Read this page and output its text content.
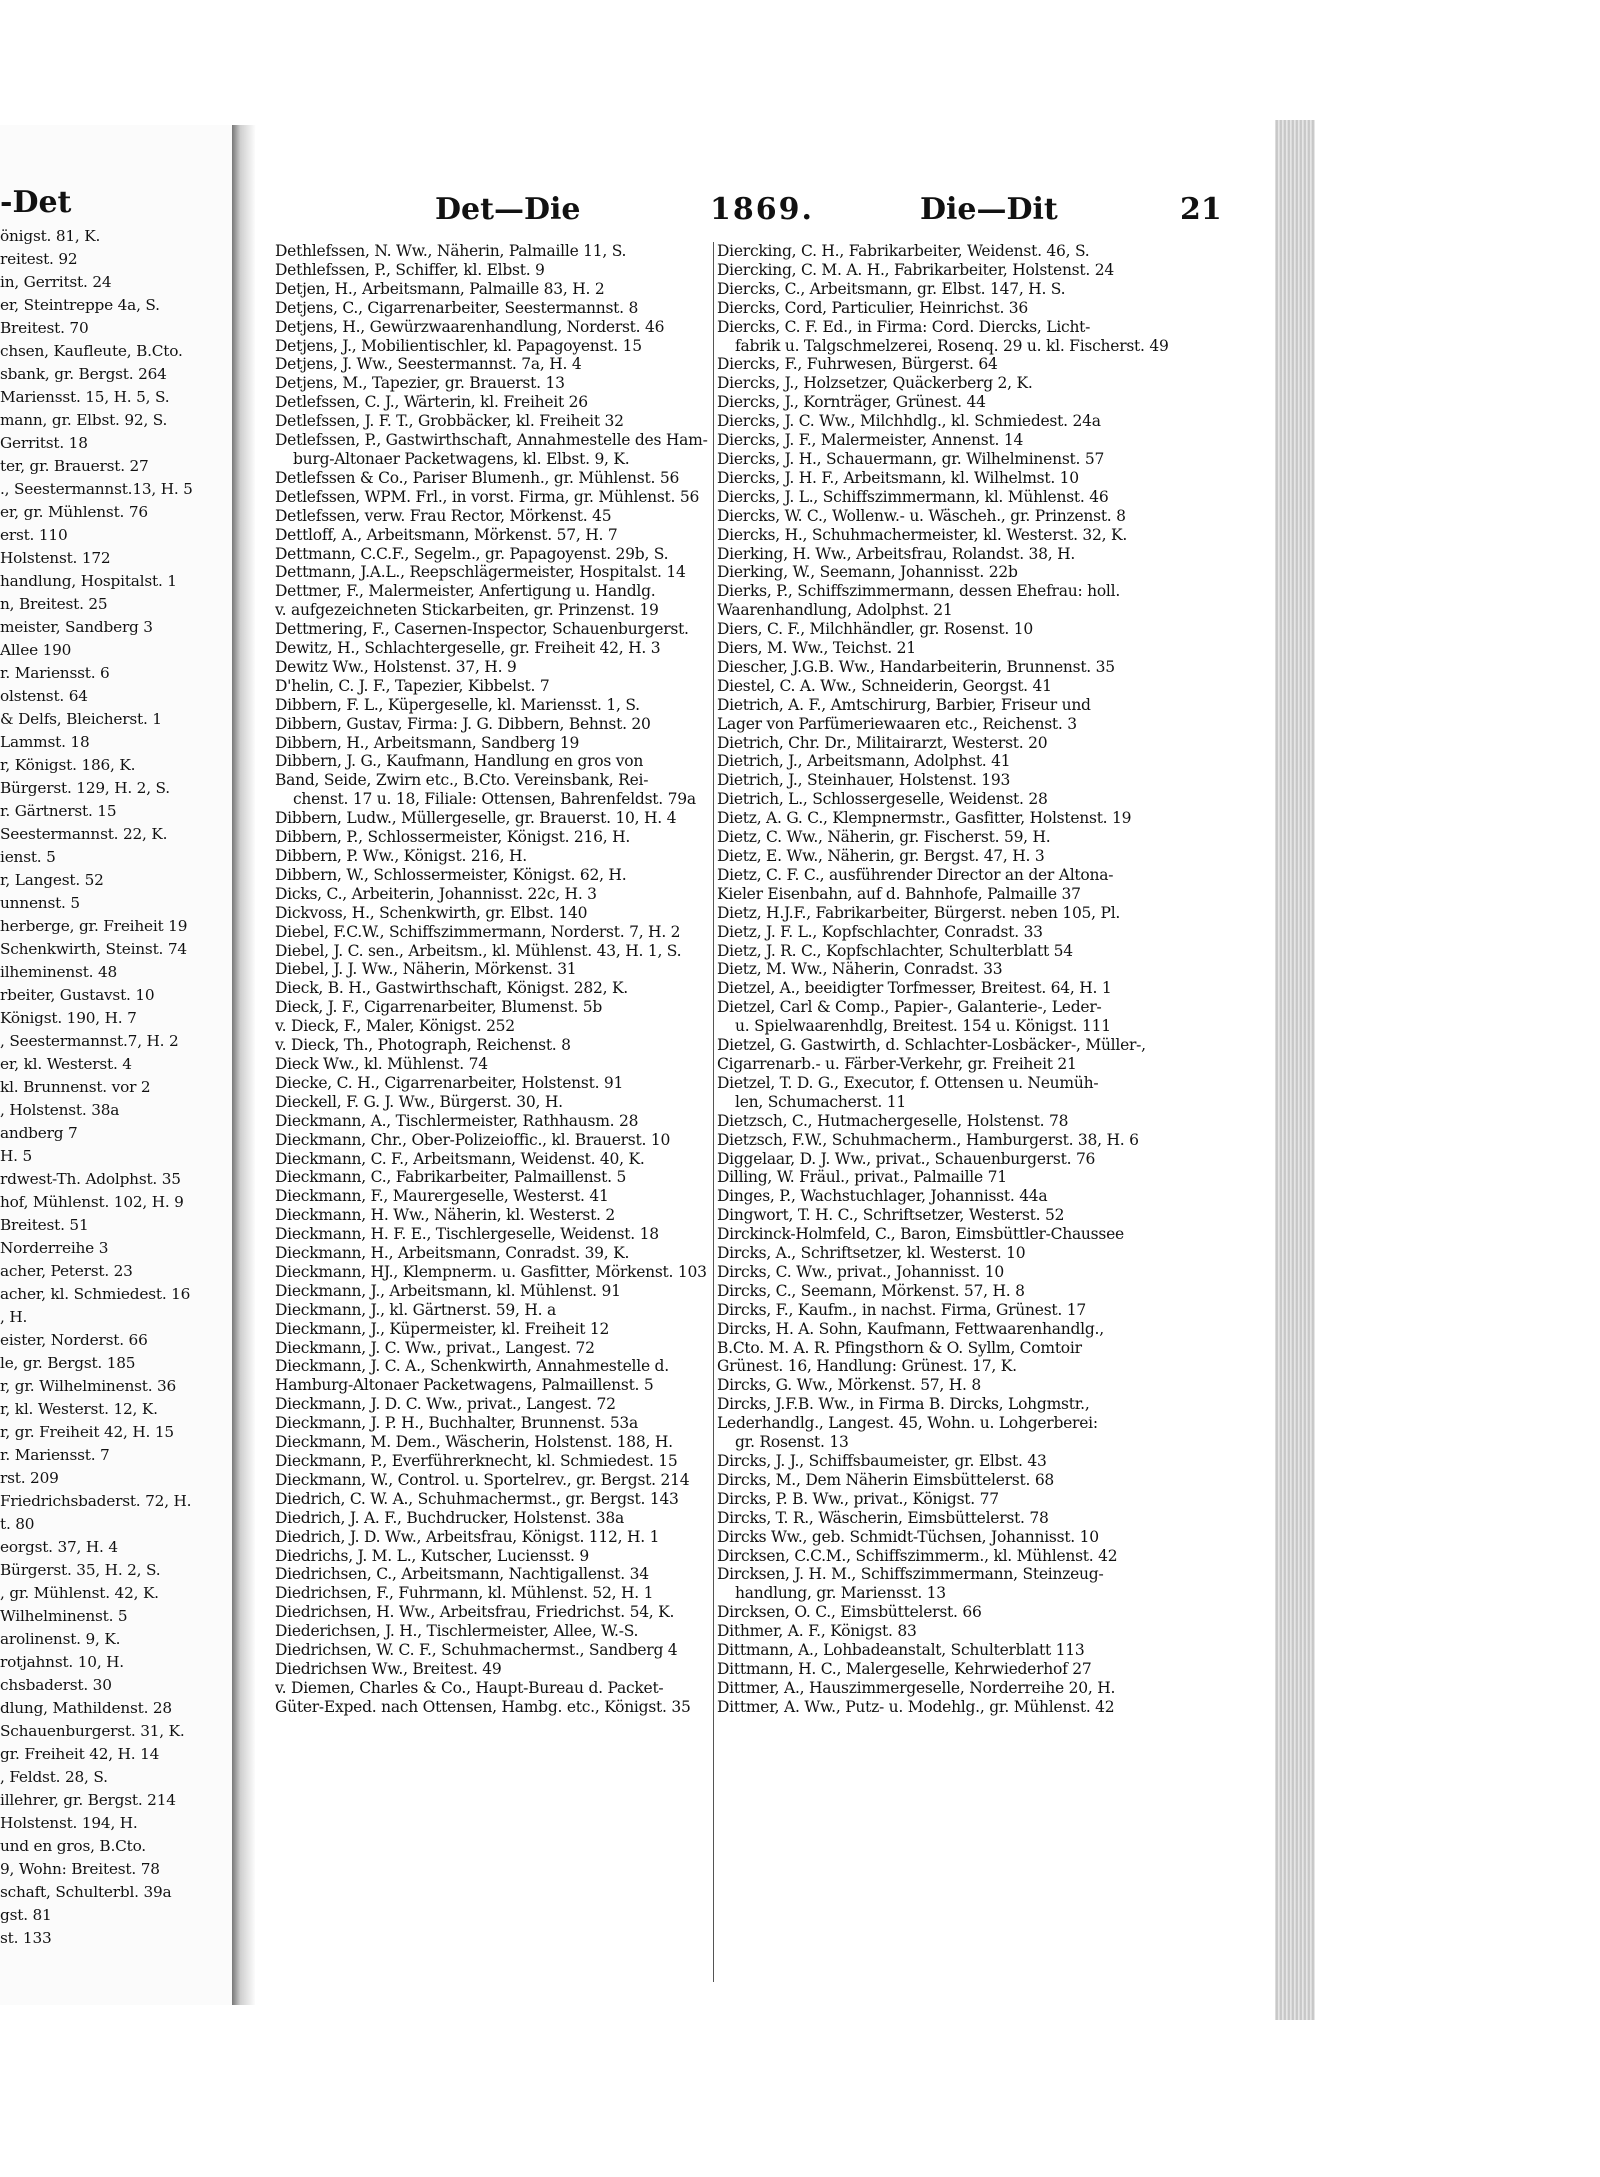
-Det
önigst. 81, K.
reitest. 92
in, Gerritst. 24
er, Steintreppe 4a, S.
Breitest. 70
chsen, Kaufleute, B.Cto.
sbank, gr. Bergst. 264
Mariensst. 15, H. 5, S.
mann, gr. Elbst. 92, S.
Gerritst. 18
ter, gr. Brauerst. 27
., Seestermannst.13, H. 5
er, gr. Mühlenst. 76
erst. 110
Holstenst. 172
handlung, Hospitalst. 1
n, Breitest. 25
meister, Sandberg 3
Allee 190
r. Mariensst. 6
olstenst. 64
& Delfs, Bleicherst. 1
Lammst. 18
r, Königst. 186, K.
Bürgerst. 129, H. 2, S.
r. Gärtnerst. 15
Seestermannst. 22, K.
ienst. 5
r, Langest. 52
unnenst. 5
herberge, gr. Freiheit 19
Schenkwirth, Steinst. 74
ilheminenst. 48
rbeiter, Gustavst. 10
Königst. 190, H. 7
, Seestermannst.7, H. 2
er, kl. Westerst. 4
kl. Brunnenst. vor 2
, Holstenst. 38a
andberg 7
H. 5
rdwest-Th. Adolphst. 35
hof, Mühlenst. 102, H. 9
Breitest. 51
Norderreihe 3
acher, Peterst. 23
acher, kl. Schmiedest. 16
, H.
eister, Norderst. 66
le, gr. Bergst. 185
r, gr. Wilhelminenst. 36
r, kl. Westerst. 12, K.
r, gr. Freiheit 42, H. 15
r. Mariensst. 7
rst. 209
Friedrichsbaderst. 72, H.
t. 80
eorgst. 37, H. 4
Bürgerst. 35, H. 2, S.
, gr. Mühlenst. 42, K.
Wilhelminenst. 5
arolinenst. 9, K.
rotjahnst. 10, H.
chsbaderst. 30
dlung, Mathildenst. 28
Schauenburgerst. 31, K.
gr. Freiheit 42, H. 14
, Feldst. 28, S.
illehrer, gr. Bergst. 214
Holstenst. 194, H.
und en gros, B.Cto.
9, Wohn: Breitest. 78
schaft, Schulterbl. 39a
gst. 81
st. 133
Det—Die	1869.	Die—Dit	21
Dethlefssen, N. Ww., Näherin, Palmaille 11, S.
Dethlefssen, P., Schiffer, kl. Elbst. 9
Detjen, H., Arbeitsmann, Palmaille 83, H. 2
Detjens, C., Cigarrenarbeiter, Seestermannst. 8
Detjens, H., Gewürzwaarenhandlung, Norderst. 46
Detjens, J., Mobilientischler, kl. Papagoyenst. 15
Detjens, J. Ww., Seestermannst. 7a, H. 4
Detjens, M., Tapezier, gr. Brauerst. 13
Detlefssen, C. J., Wärterin, kl. Freiheit 26
Detlefssen, J. F. T., Grobbäcker, kl. Freiheit 32
Detlefssen, P., Gastwirthschaft, Annahmestelle des Ham-
burg-Altonaer Packetwagens, kl. Elbst. 9, K.
Detlefssen & Co., Pariser Blumenh., gr. Mühlenst. 56
Detlefssen, WPM. Frl., in vorst. Firma, gr. Mühlenst. 56
Detlefssen, verw. Frau Rector, Mörkenst. 45
Dettloff, A., Arbeitsmann, Mörkenst. 57, H. 7
Dettmann, C.C.F., Segelm., gr. Papagoyenst. 29b, S.
Dettmann, J.A.L., Reepschlägermeister, Hospitalst. 14
Dettmer, F., Malermeister, Anfertigung u. Handlg.
v. aufgezeichneten Stickarbeiten, gr. Prinzenst. 19
Dettmering, F., Casernen-Inspector, Schauenburgerst.
Dewitz, H., Schlachtergeselle, gr. Freiheit 42, H. 3
Dewitz Ww., Holstenst. 37, H. 9
D'helin, C. J. F., Tapezier, Kibbelst. 7
Dibbern, F. L., Küpergeselle, kl. Mariensst. 1, S.
Dibbern, Gustav, Firma: J. G. Dibbern, Behnst. 20
Dibbern, H., Arbeitsmann, Sandberg 19
Dibbern, J. G., Kaufmann, Handlung en gros von
Band, Seide, Zwirn etc., B.Cto. Vereinsbank, Rei-
chenst. 17 u. 18, Filiale: Ottensen, Bahrenfeldst. 79a
Dibbern, Ludw., Müllergeselle, gr. Brauerst. 10, H. 4
Dibbern, P., Schlossermeister, Königst. 216, H.
Dibbern, P. Ww., Königst. 216, H.
Dibbern, W., Schlossermeister, Königst. 62, H.
Dicks, C., Arbeiterin, Johannisst. 22c, H. 3
Dickvoss, H., Schenkwirth, gr. Elbst. 140
Diebel, F.C.W., Schiffszimmermann, Norderst. 7, H. 2
Diebel, J. C. sen., Arbeitsm., kl. Mühlenst. 43, H. 1, S.
Diebel, J. J. Ww., Näherin, Mörkenst. 31
Dieck, B. H., Gastwirthschaft, Königst. 282, K.
Dieck, J. F., Cigarrenarbeiter, Blumenst. 5b
v. Dieck, F., Maler, Königst. 252
v. Dieck, Th., Photograph, Reichenst. 8
Dieck Ww., kl. Mühlenst. 74
Diecke, C. H., Cigarrenarbeiter, Holstenst. 91
Dieckell, F. G. J. Ww., Bürgerst. 30, H.
Dieckmann, A., Tischlermeister, Rathhausm. 28
Dieckmann, Chr., Ober-Polizeioffic., kl. Brauerst. 10
Dieckmann, C. F., Arbeitsmann, Weidenst. 40, K.
Dieckmann, C., Fabrikarbeiter, Palmaillenst. 5
Dieckmann, F., Maurergeselle, Westerst. 41
Dieckmann, H. Ww., Näherin, kl. Westerst. 2
Dieckmann, H. F. E., Tischlergeselle, Weidenst. 18
Dieckmann, H., Arbeitsmann, Conradst. 39, K.
Dieckmann, HJ., Klempnerm. u. Gasfitter, Mörkenst. 103
Dieckmann, J., Arbeitsmann, kl. Mühlenst. 91
Dieckmann, J., kl. Gärtnerst. 59, H. a
Dieckmann, J., Küpermeister, kl. Freiheit 12
Dieckmann, J. C. Ww., privat., Langest. 72
Dieckmann, J. C. A., Schenkwirth, Annahmestelle d.
Hamburg-Altonaer Packetwagens, Palmaillenst. 5
Dieckmann, J. D. C. Ww., privat., Langest. 72
Dieckmann, J. P. H., Buchhalter, Brunnenst. 53a
Dieckmann, M. Dem., Wäscherin, Holstenst. 188, H.
Dieckmann, P., Everführerknecht, kl. Schmiedest. 15
Dieckmann, W., Control. u. Sportelrev., gr. Bergst. 214
Diedrich, C. W. A., Schuhmachermst., gr. Bergst. 143
Diedrich, J. A. F., Buchdrucker, Holstenst. 38a
Diedrich, J. D. Ww., Arbeitsfrau, Königst. 112, H. 1
Diedrichs, J. M. L., Kutscher, Luciensst. 9
Diedrichsen, C., Arbeitsmann, Nachtigallenst. 34
Diedrichsen, F., Fuhrmann, kl. Mühlenst. 52, H. 1
Diedrichsen, H. Ww., Arbeitsfrau, Friedrichst. 54, K.
Diederichsen, J. H., Tischlermeister, Allee, W.-S.
Diedrichsen, W. C. F., Schuhmachermst., Sandberg 4
Diedrichsen Ww., Breitest. 49
v. Diemen, Charles & Co., Haupt-Bureau d. Packet-
Güter-Exped. nach Ottensen, Hambg. etc., Königst. 35
Diercking, C. H., Fabrikarbeiter, Weidenst. 46, S.
Diercking, C. M. A. H., Fabrikarbeiter, Holstenst. 24
Diercks, C., Arbeitsmann, gr. Elbst. 147, H. S.
Diercks, Cord, Particulier, Heinrichst. 36
Diercks, C. F. Ed., in Firma: Cord. Diercks, Licht-
fabrik u. Talgschmelzerei, Rosenq. 29 u. kl. Fischerst. 49
Diercks, F., Fuhrwesen, Bürgerst. 64
Diercks, J., Holzsetzer, Quäckerberg 2, K.
Diercks, J., Kornträger, Grünest. 44
Diercks, J. C. Ww., Milchhdlg., kl. Schmiedest. 24a
Diercks, J. F., Malermeister, Annenst. 14
Diercks, J. H., Schauermann, gr. Wilhelminenst. 57
Diercks, J. H. F., Arbeitsmann, kl. Wilhelmst. 10
Diercks, J. L., Schiffszimmermann, kl. Mühlenst. 46
Diercks, W. C., Wollenw.- u. Wäscheh., gr. Prinzenst. 8
Diercks, H., Schuhmachermeister, kl. Westerst. 32, K.
Dierking, H. Ww., Arbeitsfrau, Rolandst. 38, H.
Dierking, W., Seemann, Johannisst. 22b
Dierks, P., Schiffszimmermann, dessen Ehefrau: holl.
Waarenhandlung, Adolphst. 21
Diers, C. F., Milchhändler, gr. Rosenst. 10
Diers, M. Ww., Teichst. 21
Diescher, J.G.B. Ww., Handarbeiterin, Brunnenst. 35
Diestel, C. A. Ww., Schneiderin, Georgst. 41
Dietrich, A. F., Amtschirurg, Barbier, Friseur und
Lager von Parfümeriewaaren etc., Reichenst. 3
Dietrich, Chr. Dr., Militairarzt, Westerst. 20
Dietrich, J., Arbeitsmann, Adolphst. 41
Dietrich, J., Steinhauer, Holstenst. 193
Dietrich, L., Schlossergeselle, Weidenst. 28
Dietz, A. G. C., Klempnermstr., Gasfitter, Holstenst. 19
Dietz, C. Ww., Näherin, gr. Fischerst. 59, H.
Dietz, E. Ww., Näherin, gr. Bergst. 47, H. 3
Dietz, C. F. C., ausführender Director an der Altona-
Kieler Eisenbahn, auf d. Bahnhofe, Palmaille 37
Dietz, H.J.F., Fabrikarbeiter, Bürgerst. neben 105, Pl.
Dietz, J. F. L., Kopfschlachter, Conradst. 33
Dietz, J. R. C., Kopfschlachter, Schulterblatt 54
Dietz, M. Ww., Näherin, Conradst. 33
Dietzel, A., beeidigter Torfmesser, Breitest. 64, H. 1
Dietzel, Carl & Comp., Papier-, Galanterie-, Leder-
u. Spielwaarenhdlg, Breitest. 154 u. Königst. 111
Dietzel, G. Gastwirth, d. Schlachter-Losbäcker-, Müller-,
Cigarrenarb.- u. Färber-Verkehr, gr. Freiheit 21
Dietzel, T. D. G., Executor, f. Ottensen u. Neumüh-
len, Schumacherst. 11
Dietzsch, C., Hutmachergeselle, Holstenst. 78
Dietzsch, F.W., Schuhmacherm., Hamburgerst. 38, H. 6
Diggelaar, D. J. Ww., privat., Schauenburgerst. 76
Dilling, W. Fräul., privat., Palmaille 71
Dinges, P., Wachstuchlager, Johannisst. 44a
Dingwort, T. H. C., Schriftsetzer, Westerst. 52
Dirckinck-Holmfeld, C., Baron, Eimsbüttler-Chaussee
Dircks, A., Schriftsetzer, kl. Westerst. 10
Dircks, C. Ww., privat., Johannisst. 10
Dircks, C., Seemann, Mörkenst. 57, H. 8
Dircks, F., Kaufm., in nachst. Firma, Grünest. 17
Dircks, H. A. Sohn, Kaufmann, Fettwaarenhandlg.,
B.Cto. M. A. R. Pfingsthorn & O. Syllm, Comtoir
Grünest. 16, Handlung: Grünest. 17, K.
Dircks, G. Ww., Mörkenst. 57, H. 8
Dircks, J.F.B. Ww., in Firma B. Dircks, Lohgmstr.,
Lederhandlg., Langest. 45, Wohn. u. Lohgerberei:
gr. Rosenst. 13
Dircks, J. J., Schiffsbaumeister, gr. Elbst. 43
Dircks, M., Dem Näherin Eimsbüttelerst. 68
Dircks, P. B. Ww., privat., Königst. 77
Dircks, T. R., Wäscherin, Eimsbüttelerst. 78
Dircks Ww., geb. Schmidt-Tüchsen, Johannisst. 10
Dircksen, C.C.M., Schiffszimmerm., kl. Mühlenst. 42
Dircksen, J. H. M., Schiffszimmermann, Steinzeug-
handlung, gr. Mariensst. 13
Dircksen, O. C., Eimsbüttelerst. 66
Dithmer, A. F., Königst. 83
Dittmann, A., Lohbadeanstalt, Schulterblatt 113
Dittmann, H. C., Malergeselle, Kehrwiederhof 27
Dittmer, A., Hauszimmergeselle, Norderreihe 20, H.
Dittmer, A. Ww., Putz- u. Modehlg., gr. Mühlenst. 42
